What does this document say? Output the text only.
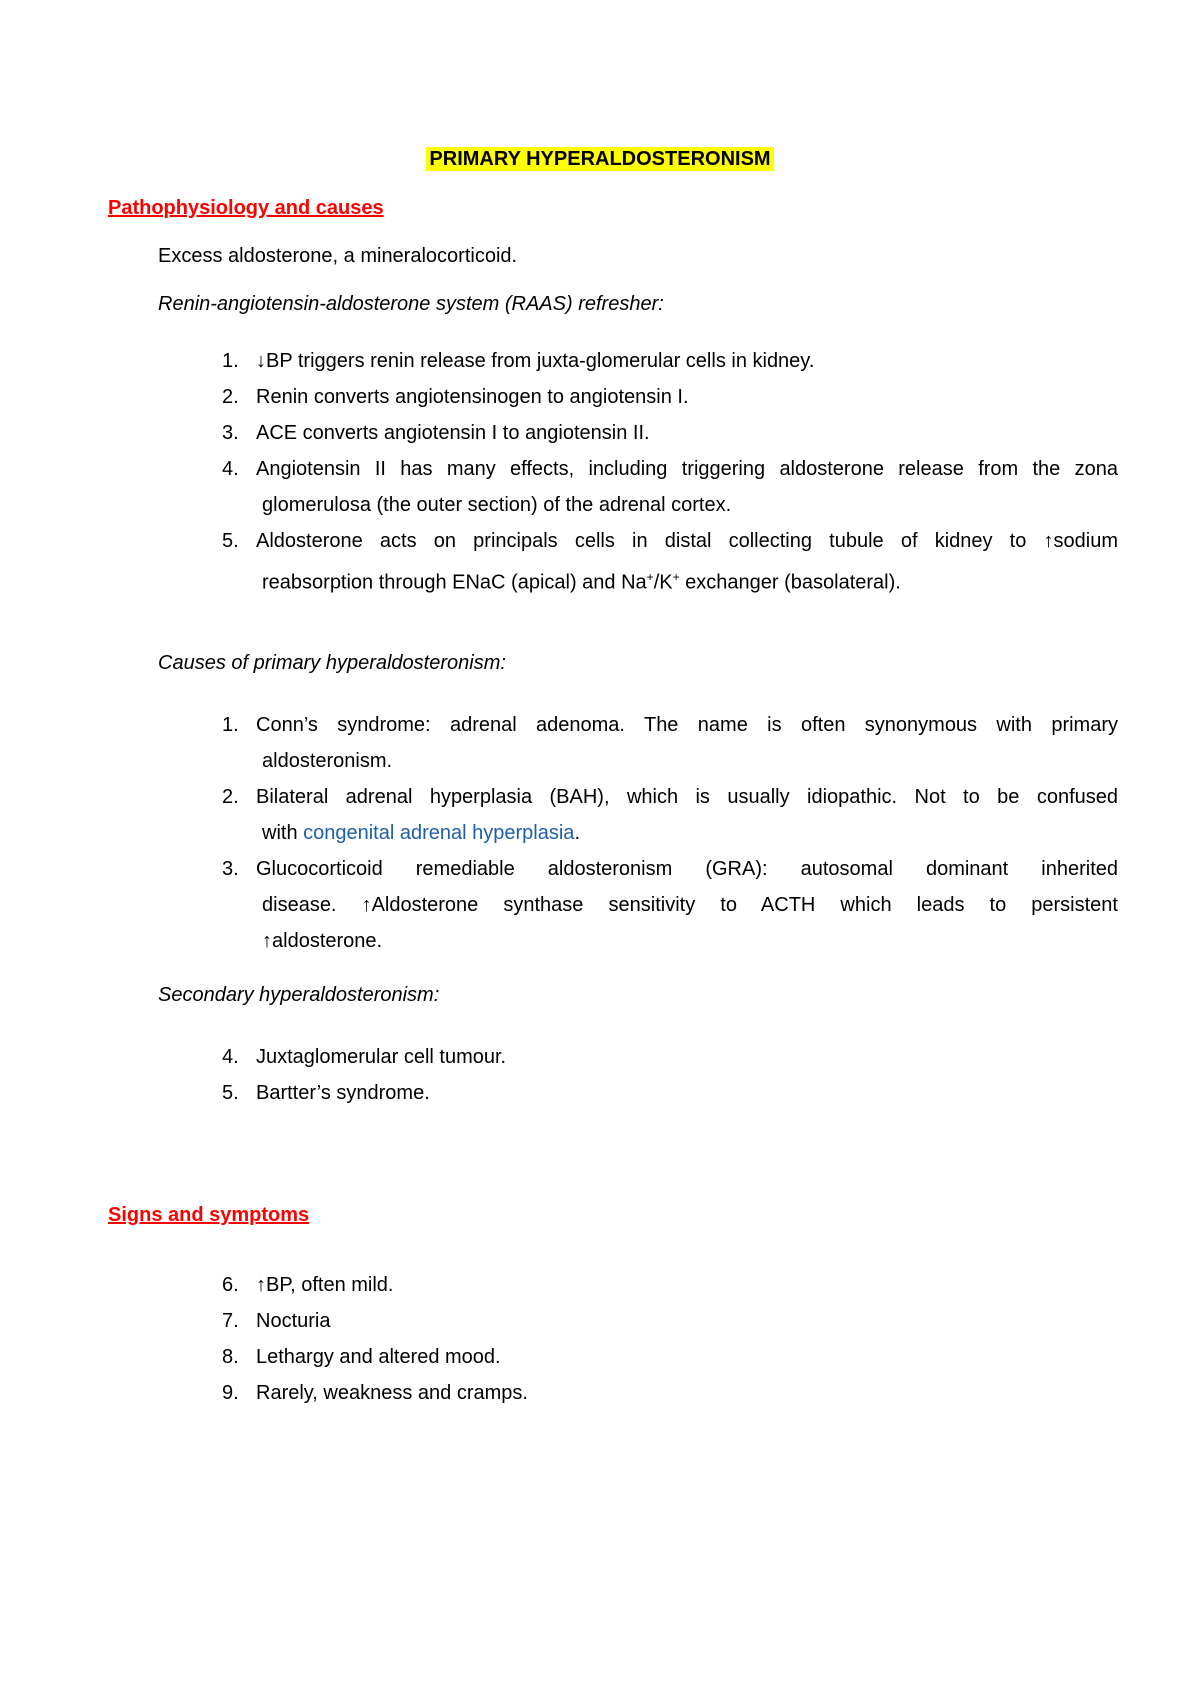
PRIMARY HYPERALDOSTERONISM
Pathophysiology and causes
Excess aldosterone, a mineralocorticoid.
Renin-angiotensin-aldosterone system (RAAS) refresher:
1. ↓BP triggers renin release from juxta-glomerular cells in kidney.
2. Renin converts angiotensinogen to angiotensin I.
3. ACE converts angiotensin I to angiotensin II.
4. Angiotensin II has many effects, including triggering aldosterone release from the zona
glomerulosa (the outer section) of the adrenal cortex.
5. Aldosterone acts on principals cells in distal collecting tubule of kidney to ↑sodium
reabsorption through ENaC (apical) and Na+/K+ exchanger (basolateral).
Causes of primary hyperaldosteronism:
1. Conn’s syndrome: adrenal adenoma. The name is often synonymous with primary
aldosteronism.
2. Bilateral adrenal hyperplasia (BAH), which is usually idiopathic. Not to be confused
with congenital adrenal hyperplasia.
3. Glucocorticoid remediable aldosteronism (GRA): autosomal dominant inherited
disease. ↑Aldosterone synthase sensitivity to ACTH which leads to persistent
↑aldosterone.
Secondary hyperaldosteronism:
4. Juxtaglomerular cell tumour.
5. Bartter’s syndrome.
Signs and symptoms
6. ↑BP, often mild.
7. Nocturia
8. Lethargy and altered mood.
9. Rarely, weakness and cramps.
